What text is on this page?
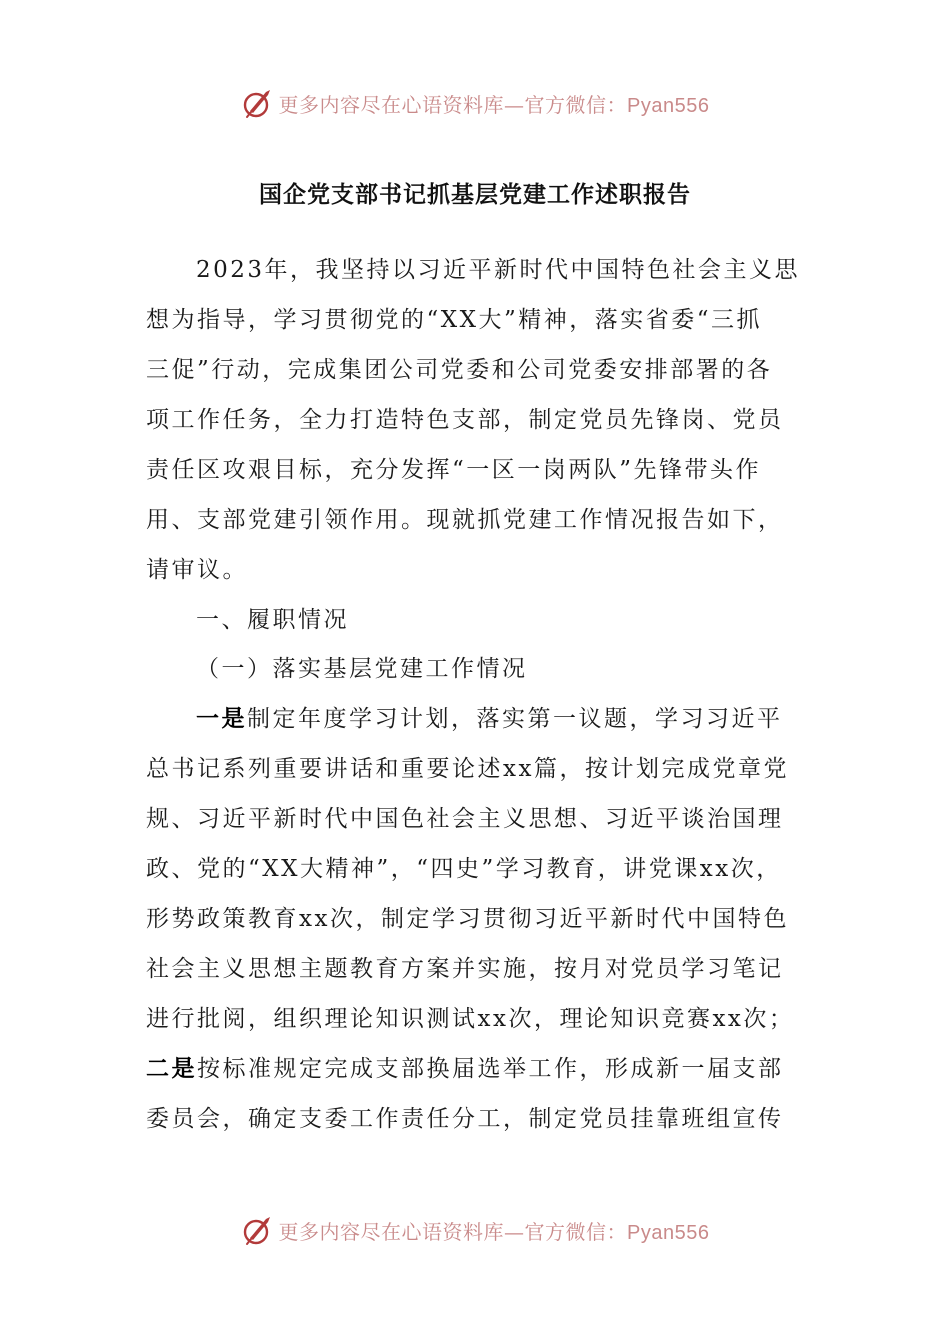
更多内容尽在心语资料库—官方微信：Pyan556
国企党支部书记抓基层党建工作述职报告
2023年，我坚持以习近平新时代中国特色社会主义思
想为指导，学习贯彻党的“XX大”精神，落实省委“三抓
三促”行动，完成集团公司党委和公司党委安排部署的各
项工作任务，全力打造特色支部，制定党员先锋岗、党员
责任区攻艰目标，充分发挥“一区一岗两队”先锋带头作
用、支部党建引领作用。现就抓党建工作情况报告如下，
请审议。
一、履职情况
（一）落实基层党建工作情况
一是制定年度学习计划，落实第一议题，学习习近平
总书记系列重要讲话和重要论述xx篇，按计划完成党章党
规、习近平新时代中国色社会主义思想、习近平谈治国理
政、党的“XX大精神”，“四史”学习教育，讲党课xx次，
形势政策教育xx次，制定学习贯彻习近平新时代中国特色
社会主义思想主题教育方案并实施，按月对党员学习笔记
进行批阅，组织理论知识测试xx次，理论知识竞赛xx次；
二是按标准规定完成支部换届选举工作，形成新一届支部
委员会，确定支委工作责任分工，制定党员挂靠班组宣传
更多内容尽在心语资料库—官方微信：Pyan556
